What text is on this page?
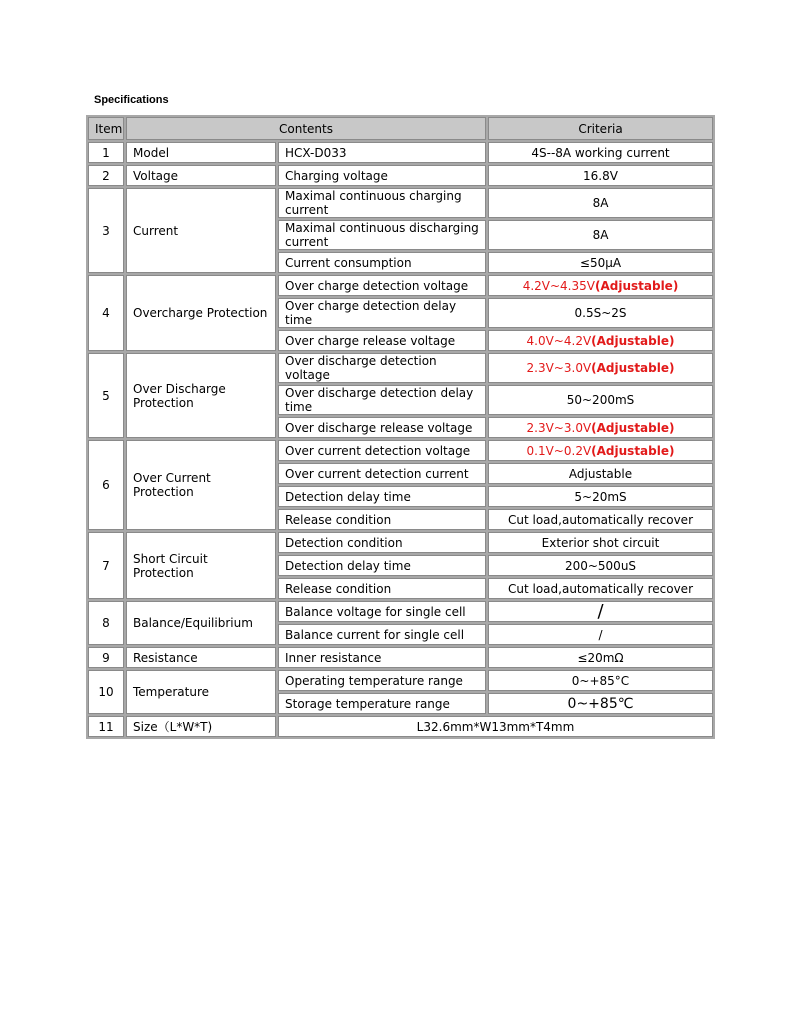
Specifications
Item	Contents		Criteria
1	Model	HCX-D033	4S--8A working current
2	Voltage	Charging voltage	16.8V
3	Current	Maximal continuous charging current	8A
		Maximal continuous discharging current	8A
		Current consumption	≤50μA
4	Overcharge Protection	Over charge detection voltage	4.2V~4.35V(Adjustable)
		Over charge detection delay time	0.5S~2S
		Over charge release voltage	4.0V~4.2V(Adjustable)
5	Over Discharge Protection	Over discharge detection voltage	2.3V~3.0V(Adjustable)
		Over discharge detection delay time	50~200mS
		Over discharge release voltage	2.3V~3.0V(Adjustable)
6	Over Current Protection	Over current detection voltage	0.1V~0.2V(Adjustable)
		Over current detection current	Adjustable
		Detection delay time	5~20mS
		Release condition	Cut load,automatically recover
7	Short Circuit Protection	Detection condition	Exterior shot circuit
		Detection delay time	200~500uS
		Release condition	Cut load,automatically recover
8	Balance/Equilibrium	Balance voltage for single cell	/
		Balance current for single cell	/
9	Resistance	Inner resistance	≤20mΩ
10	Temperature	Operating temperature range	0~+85°C
		Storage temperature range	0~+85℃
11	Size（L*W*T)	L32.6mm*W13mm*T4mm	
